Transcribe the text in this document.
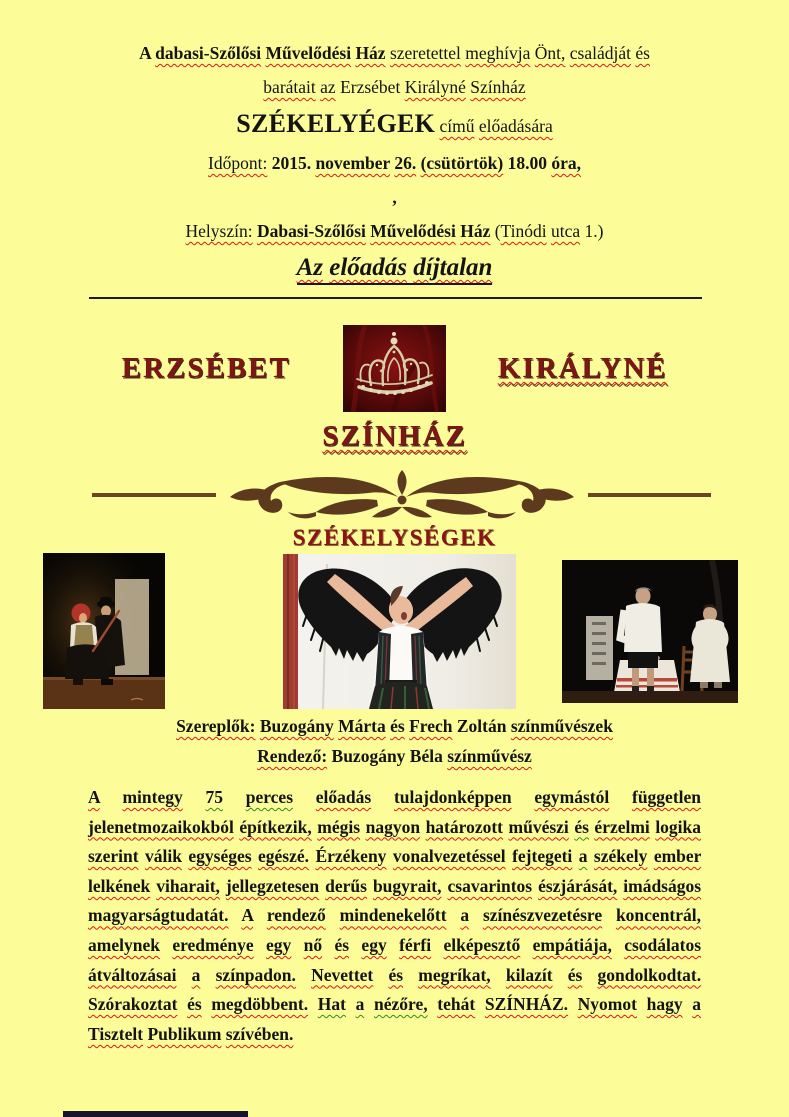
A dabasi-Szőlősi Művelődési Ház szeretettel meghívja Önt, családját és
barátait az Erzsébet Királyné Színház
SZÉKELYÉGEK című előadására
Időpont: 2015. november 26. (csütörtök) 18.00 óra,
,
Helyszín: Dabasi-Szőlősi Művelődési Ház (Tinódi utca 1.)
Az előadás díjtalan
ERZSÉBET	KIRÁLYNÉ
SZÍNHÁZ
SZÉKELYSÉGEK
Szereplők: Buzogány Márta és Frech Zoltán színművészek
Rendező: Buzogány Béla színművész
A mintegy 75 perces előadás tulajdonképpen egymástól független jelenetmozaikokból építkezik, mégis nagyon határozott művészi és érzelmi logika szerint válik egységes egészé. Érzékeny vonalvezetéssel fejtegeti a székely ember lelkének viharait, jellegzetesen derűs bugyrait, csavarintos észjárását, imádságos magyarságtudatát. A rendező mindenekelőtt a színészvezetésre koncentrál, amelynek eredménye egy nő és egy férfi elképesztő empátiája, csodálatos átváltozásai a színpadon. Nevettet és megríkat, kilazít és gondolkodtat. Szórakoztat és megdöbbent. Hat a nézőre, tehát SZÍNHÁZ. Nyomot hagy a Tisztelt Publikum szívében.
